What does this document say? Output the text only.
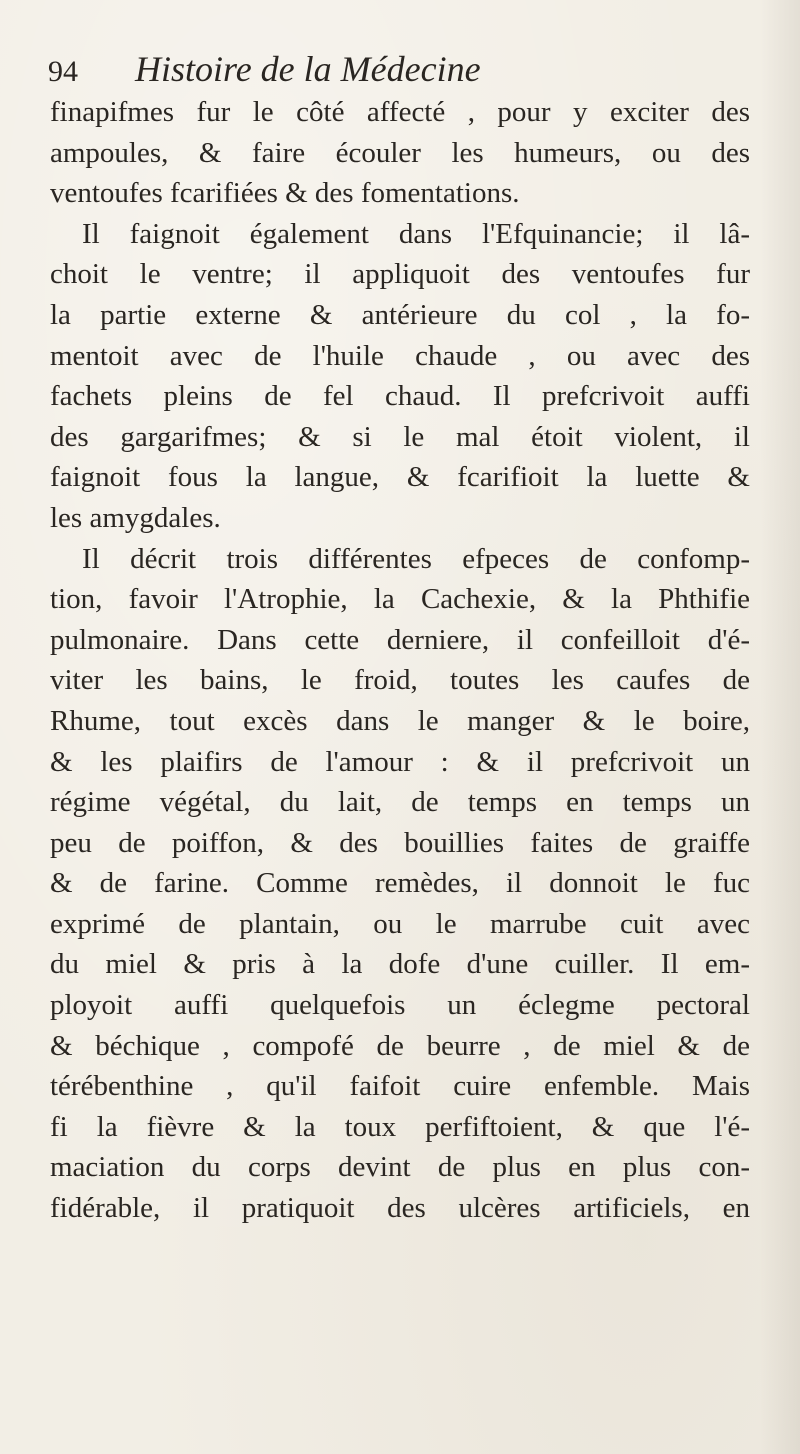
94 Histoire de la Médecine
finapifmes fur le côté affecté , pour y exciter des
ampoules, & faire écouler les humeurs, ou des
ventoufes fcarifiées & des fomentations.
Il faignoit également dans l'Efquinancie; il lâ-
choit le ventre; il appliquoit des ventoufes fur
la partie externe & antérieure du col , la fo-
mentoit avec de l'huile chaude , ou avec des
fachets pleins de fel chaud. Il prefcrivoit auffi
des gargarifmes; & si le mal étoit violent, il
faignoit fous la langue, & fcarifioit la luette &
les amygdales.
Il décrit trois différentes efpeces de confomp-
tion, favoir l'Atrophie, la Cachexie, & la Phthifie
pulmonaire. Dans cette derniere, il confeilloit d'é-
viter les bains, le froid, toutes les caufes de
Rhume, tout excès dans le manger & le boire,
& les plaifirs de l'amour : & il prefcrivoit un
régime végétal, du lait, de temps en temps un
peu de poiffon, & des bouillies faites de graiffe
& de farine. Comme remèdes, il donnoit le fuc
exprimé de plantain, ou le marrube cuit avec
du miel & pris à la dofe d'une cuiller. Il em-
ployoit auffi quelquefois un éclegme pectoral
& béchique , compofé de beurre , de miel & de
térébenthine , qu'il faifoit cuire enfemble. Mais
fi la fièvre & la toux perfiftoient, & que l'é-
maciation du corps devint de plus en plus con-
fidérable, il pratiquoit des ulcères artificiels, en
